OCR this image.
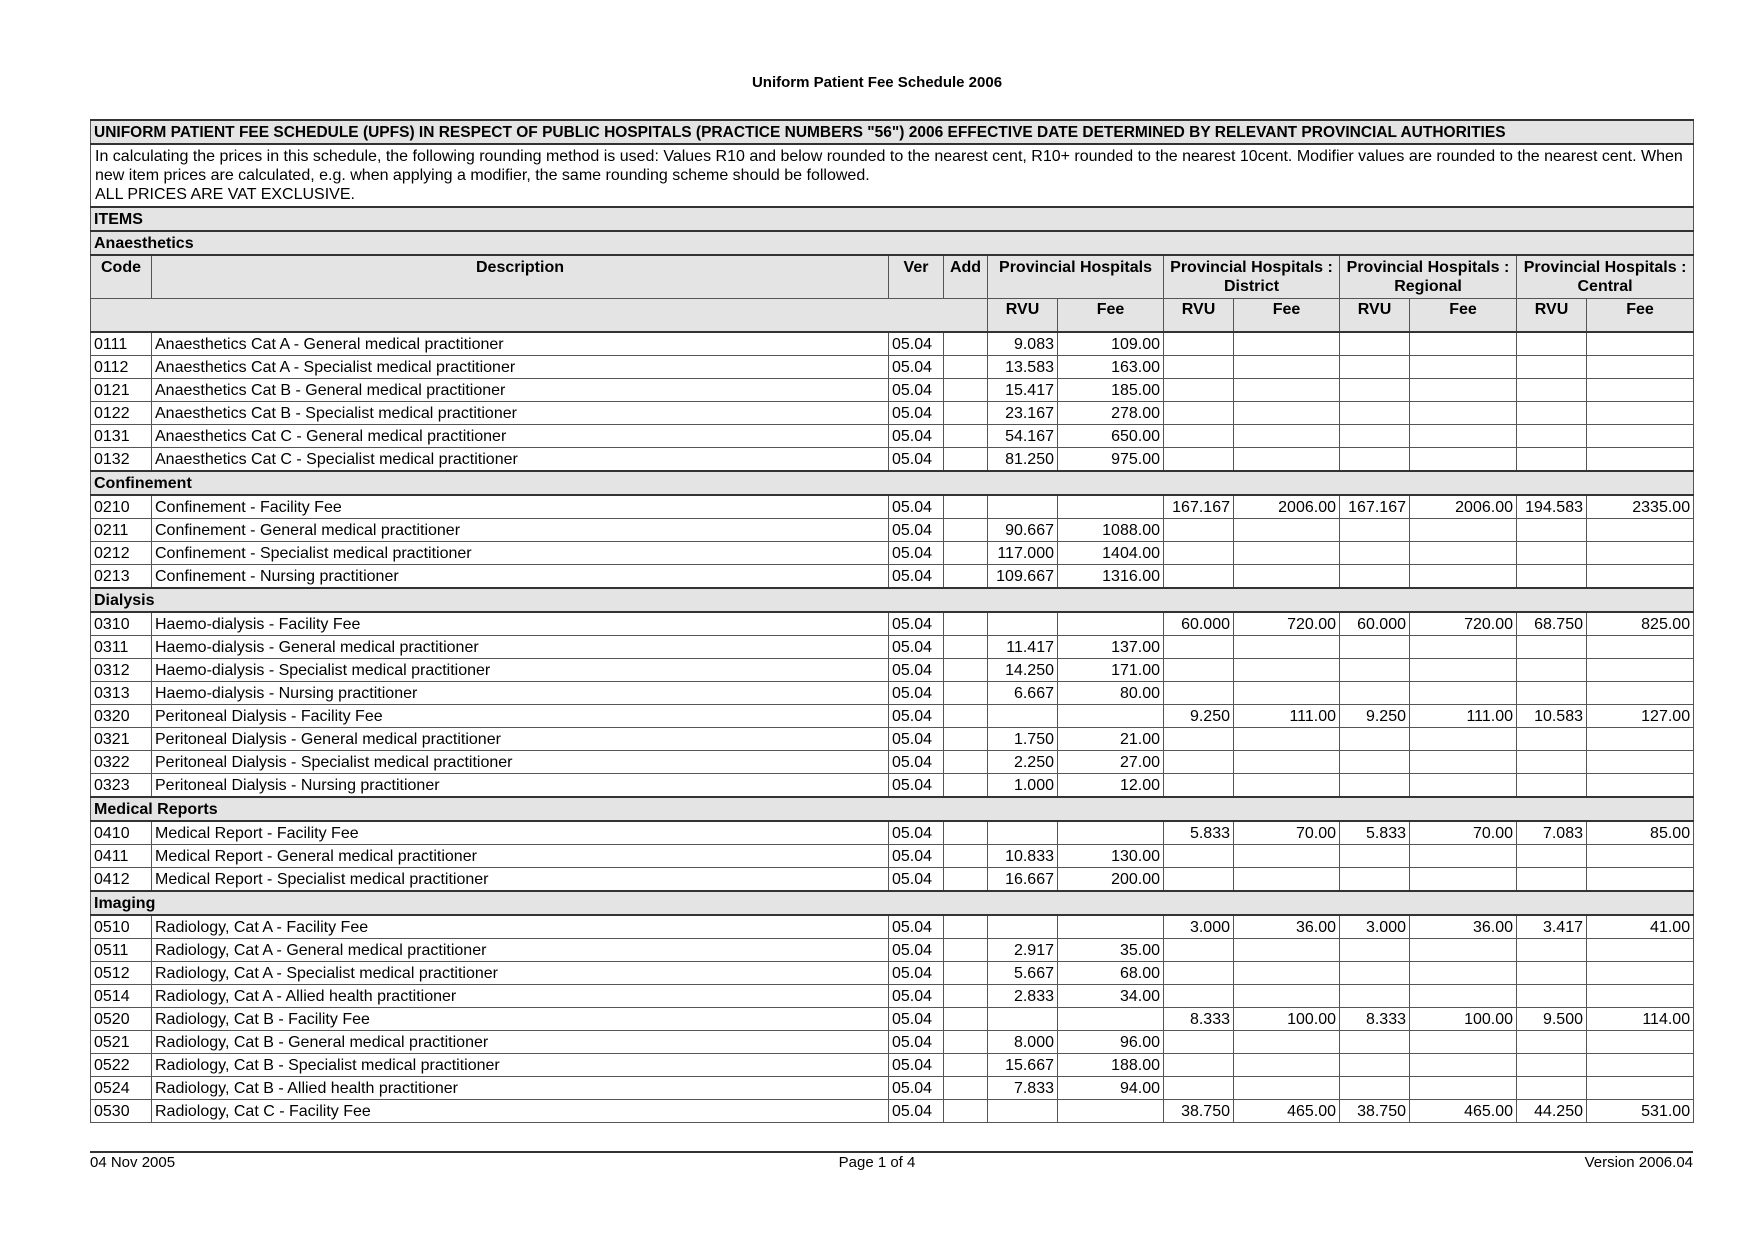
Uniform Patient Fee Schedule 2006
UNIFORM PATIENT FEE SCHEDULE (UPFS) IN RESPECT OF PUBLIC HOSPITALS (PRACTICE NUMBERS "56") 2006 EFFECTIVE DATE DETERMINED BY RELEVANT PROVINCIAL AUTHORITIES											

In calculating the prices in this schedule, the following rounding method is used: Values R10 and below rounded to the nearest cent, R10+ rounded to the nearest 10cent. Modifier values are rounded to the nearest cent. When new item prices are calculated, e.g. when applying a modifier, the same rounding scheme should be followed.
ALL PRICES ARE VAT EXCLUSIVE.											

ITEMS											
Anaesthetics											
Code	Description	Ver	Add	Provincial Hospitals		Provincial Hospitals : District		Provincial Hospitals : Regional		Provincial Hospitals : Central	
				RVU	Fee	RVU	Fee	RVU	Fee	RVU	Fee
0111	Anaesthetics Cat A - General medical practitioner	05.04		9.083	109.00						
0112	Anaesthetics Cat A - Specialist medical practitioner	05.04		13.583	163.00						
0121	Anaesthetics Cat B - General medical practitioner	05.04		15.417	185.00						
0122	Anaesthetics Cat B - Specialist medical practitioner	05.04		23.167	278.00						
0131	Anaesthetics Cat C - General medical practitioner	05.04		54.167	650.00						
0132	Anaesthetics Cat C - Specialist medical practitioner	05.04		81.250	975.00						
Confinement											
0210	Confinement - Facility Fee	05.04				167.167	2006.00	167.167	2006.00	194.583	2335.00
0211	Confinement - General medical practitioner	05.04		90.667	1088.00						
0212	Confinement - Specialist medical practitioner	05.04		117.000	1404.00						
0213	Confinement - Nursing practitioner	05.04		109.667	1316.00						
Dialysis											
0310	Haemo-dialysis - Facility Fee	05.04				60.000	720.00	60.000	720.00	68.750	825.00
0311	Haemo-dialysis - General medical practitioner	05.04		11.417	137.00						
0312	Haemo-dialysis - Specialist medical practitioner	05.04		14.250	171.00						
0313	Haemo-dialysis - Nursing practitioner	05.04		6.667	80.00						
0320	Peritoneal Dialysis - Facility Fee	05.04				9.250	111.00	9.250	111.00	10.583	127.00
0321	Peritoneal Dialysis - General medical practitioner	05.04		1.750	21.00						
0322	Peritoneal Dialysis - Specialist medical practitioner	05.04		2.250	27.00						
0323	Peritoneal Dialysis - Nursing practitioner	05.04		1.000	12.00						
Medical Reports											
0410	Medical Report - Facility Fee	05.04				5.833	70.00	5.833	70.00	7.083	85.00
0411	Medical Report - General medical practitioner	05.04		10.833	130.00						
0412	Medical Report - Specialist medical practitioner	05.04		16.667	200.00						
Imaging											
0510	Radiology, Cat A - Facility Fee	05.04				3.000	36.00	3.000	36.00	3.417	41.00
0511	Radiology, Cat A - General medical practitioner	05.04		2.917	35.00						
0512	Radiology, Cat A - Specialist medical practitioner	05.04		5.667	68.00						
0514	Radiology, Cat A - Allied health practitioner	05.04		2.833	34.00						
0520	Radiology, Cat B - Facility Fee	05.04				8.333	100.00	8.333	100.00	9.500	114.00
0521	Radiology, Cat B - General medical practitioner	05.04		8.000	96.00						
0522	Radiology, Cat B - Specialist medical practitioner	05.04		15.667	188.00						
0524	Radiology, Cat B - Allied health practitioner	05.04		7.833	94.00						
0530	Radiology, Cat C - Facility Fee	05.04				38.750	465.00	38.750	465.00	44.250	531.00
04 Nov 2005	Page 1 of 4	Version 2006.04
